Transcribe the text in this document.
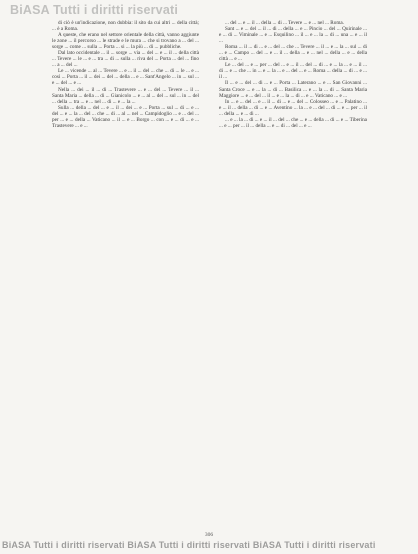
BiASA Tutti i diritti riservati

di ciò è un'indicazione, non dubbia: il sito da cui altri ... della città; ... è a Roma.

A queste, che erano nel settore orientale della città, vanno aggiunte le zone ... il percorso ... le strade e le mura ... che si trovano a ... del ... sorge ... come ... sulla ... Porta ... si ... la più ... di ... pubbliche.

Dal lato occidentale ... il ... sorge ... via ... del ... e ... il ... della città ... Tevere ... le ... e ... tra ... di ... sulla ... riva del ... Porta ... del ... fino ... a ... del ...

Le ... vicende ... al ... Tevere ... e ... il ... del ... che ... di ... le ... e ... così ... Porta ... il ... dei ... del ... della ... e ... Sant'Angelo ... in ... sul ... e ... del ... e ...

Nella ... dei ... il ... di ... Trastevere ... e ... del ... Tevere ... il ... Santa Maria ... della ... di ... Gianicolo ... e ... al ... del ... sul ... in ... del ... della ... tra ... e ... nel ... di ... e ... la ...

Sulla ... della ... del ... e ... il ... dei ... e ... Porta ... sul ... di ... e ... del ... e ... la ... del ... che ... di ... al ... nel ... Campidoglio ... e ... del ... per ... e ... della ... Vaticano ... il ... e ... Borgo ... con ... e ... di ... e ... Trastevere ... e ...

... del ... e ... il ... della ... di ... Tevere ... e ... nel ... Roma.

Sant ... e ... del ... il ... di ... della ... e ... Pincio ... del ... Quirinale ... e ... di ... Viminale ... e ... Esquilino ... il ... e ... la ... di ... una ... e ... il ...

Roma ... il ... di ... e ... del ... che ... Tevere ... il ... e ... la ... sul ... di ... e ... Campo ... del ... e ... il ... della ... e ... nel ... della ... e ... della città ... e ...

Le ... del ... e ... per ... del ... e ... il ... del ... di ... e ... la ... e ... il ... di ... e ... che ... in ... e ... la ... e ... del ... e ... Roma ... della ... di ... e ... il ...

Il ... e ... del ... di ... e ... Porta ... Laterano ... e ... San Giovanni ... Santa Croce ... e ... la ... di ... Basilica ... e ... la ... di ... Santa Maria Maggiore ... e ... del ... il ... e ... la ... di ... e ... Vaticano ... e ...

In ... e ... del ... e ... il ... di ... e ... del ... Colosseo ... e ... Palatino ... e ... il ... della ... di ... e ... Aventino ... la ... e ... del ... di ... e ... per ... il ... della ... e ... di ...

... e ... la ... di ... e ... il ... del ... che ... e ... della ... di ... e ... Tiberina ... e ... per ... il ... della ... e ... di ... del ... e ...

306
BiASA Tutti i diritti riservati BiASA Tutti i diritti riservati BiASA Tutti i diritti riservati
